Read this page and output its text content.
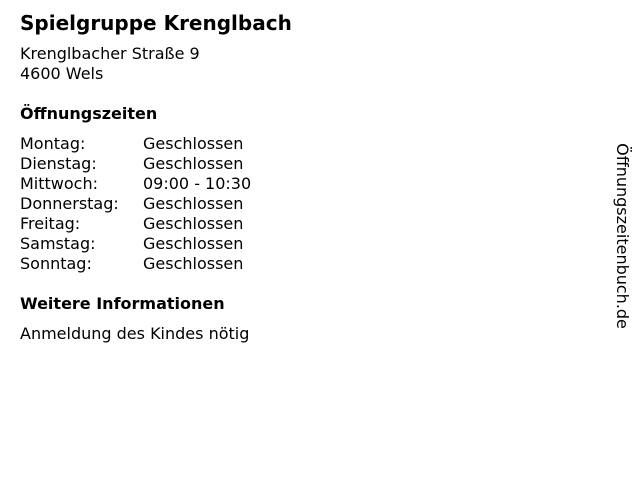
Spielgruppe Krenglbach
Krenglbacher Straße 9
4600 Wels
Öffnungszeiten
Montag:	Geschlossen
Dienstag:	Geschlossen
Mittwoch:	09:00 - 10:30
Donnerstag:	Geschlossen
Freitag:	Geschlossen
Samstag:	Geschlossen
Sonntag:	Geschlossen
Weitere Informationen
Anmeldung des Kindes nötig
Öffnungszeitenbuch.de
